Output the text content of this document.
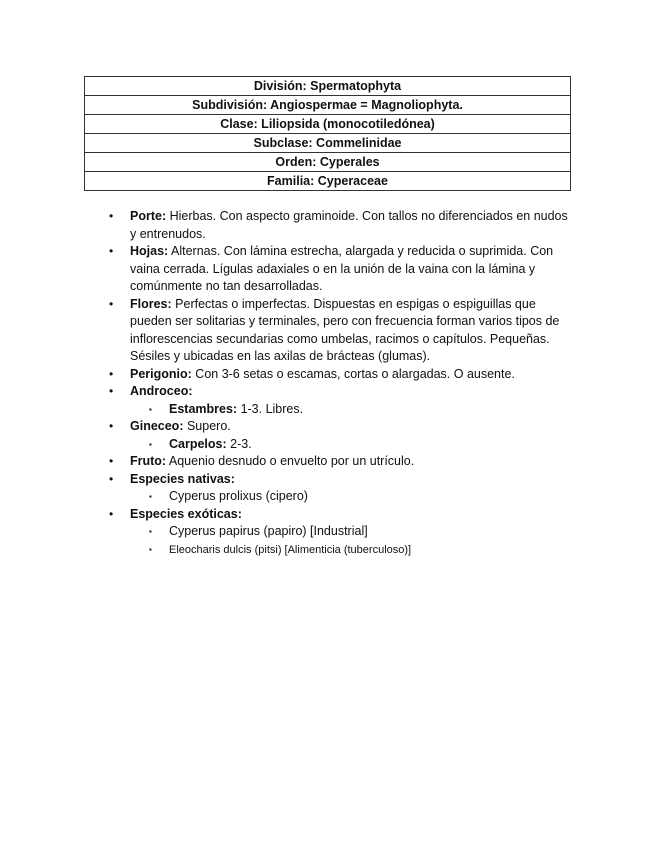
División: Spermatophyta
Subdivisión: Angiospermae = Magnoliophyta.
Clase: Liliopsida (monocotiledónea)
Subclase: Commelinidae
Orden: Cyperales
Familia: Cyperaceae
•	Porte: Hierbas. Con aspecto graminoide. Con tallos no diferenciados en nudos y entrenudos.
•	Hojas: Alternas. Con lámina estrecha, alargada y reducida o suprimida. Con vaina cerrada. Lígulas adaxiales o en la unión de la vaina con la lámina y comúnmente no tan desarrolladas.
•	Flores: Perfectas o imperfectas. Dispuestas en espigas o espiguillas que pueden ser solitarias y terminales, pero con frecuencia forman varios tipos de inflorescencias secundarias como umbelas, racimos o capítulos. Pequeñas. Sésiles y ubicadas en las axilas de brácteas (glumas).
•	Perigonio: Con 3-6 setas o escamas, cortas o alargadas. O ausente.
•	Androceo:
▪ Estambres: 1-3. Libres.
•	Gineceo: Supero.
▪ Carpelos: 2-3.
•	Fruto: Aquenio desnudo o envuelto por un utrículo.
•	Especies nativas:
▪ Cyperus prolixus (cipero)
•	Especies exóticas:
▪ Cyperus papirus (papiro) [Industrial]
▪ Eleocharis dulcis (pitsi) [Alimenticia (tuberculoso)]
